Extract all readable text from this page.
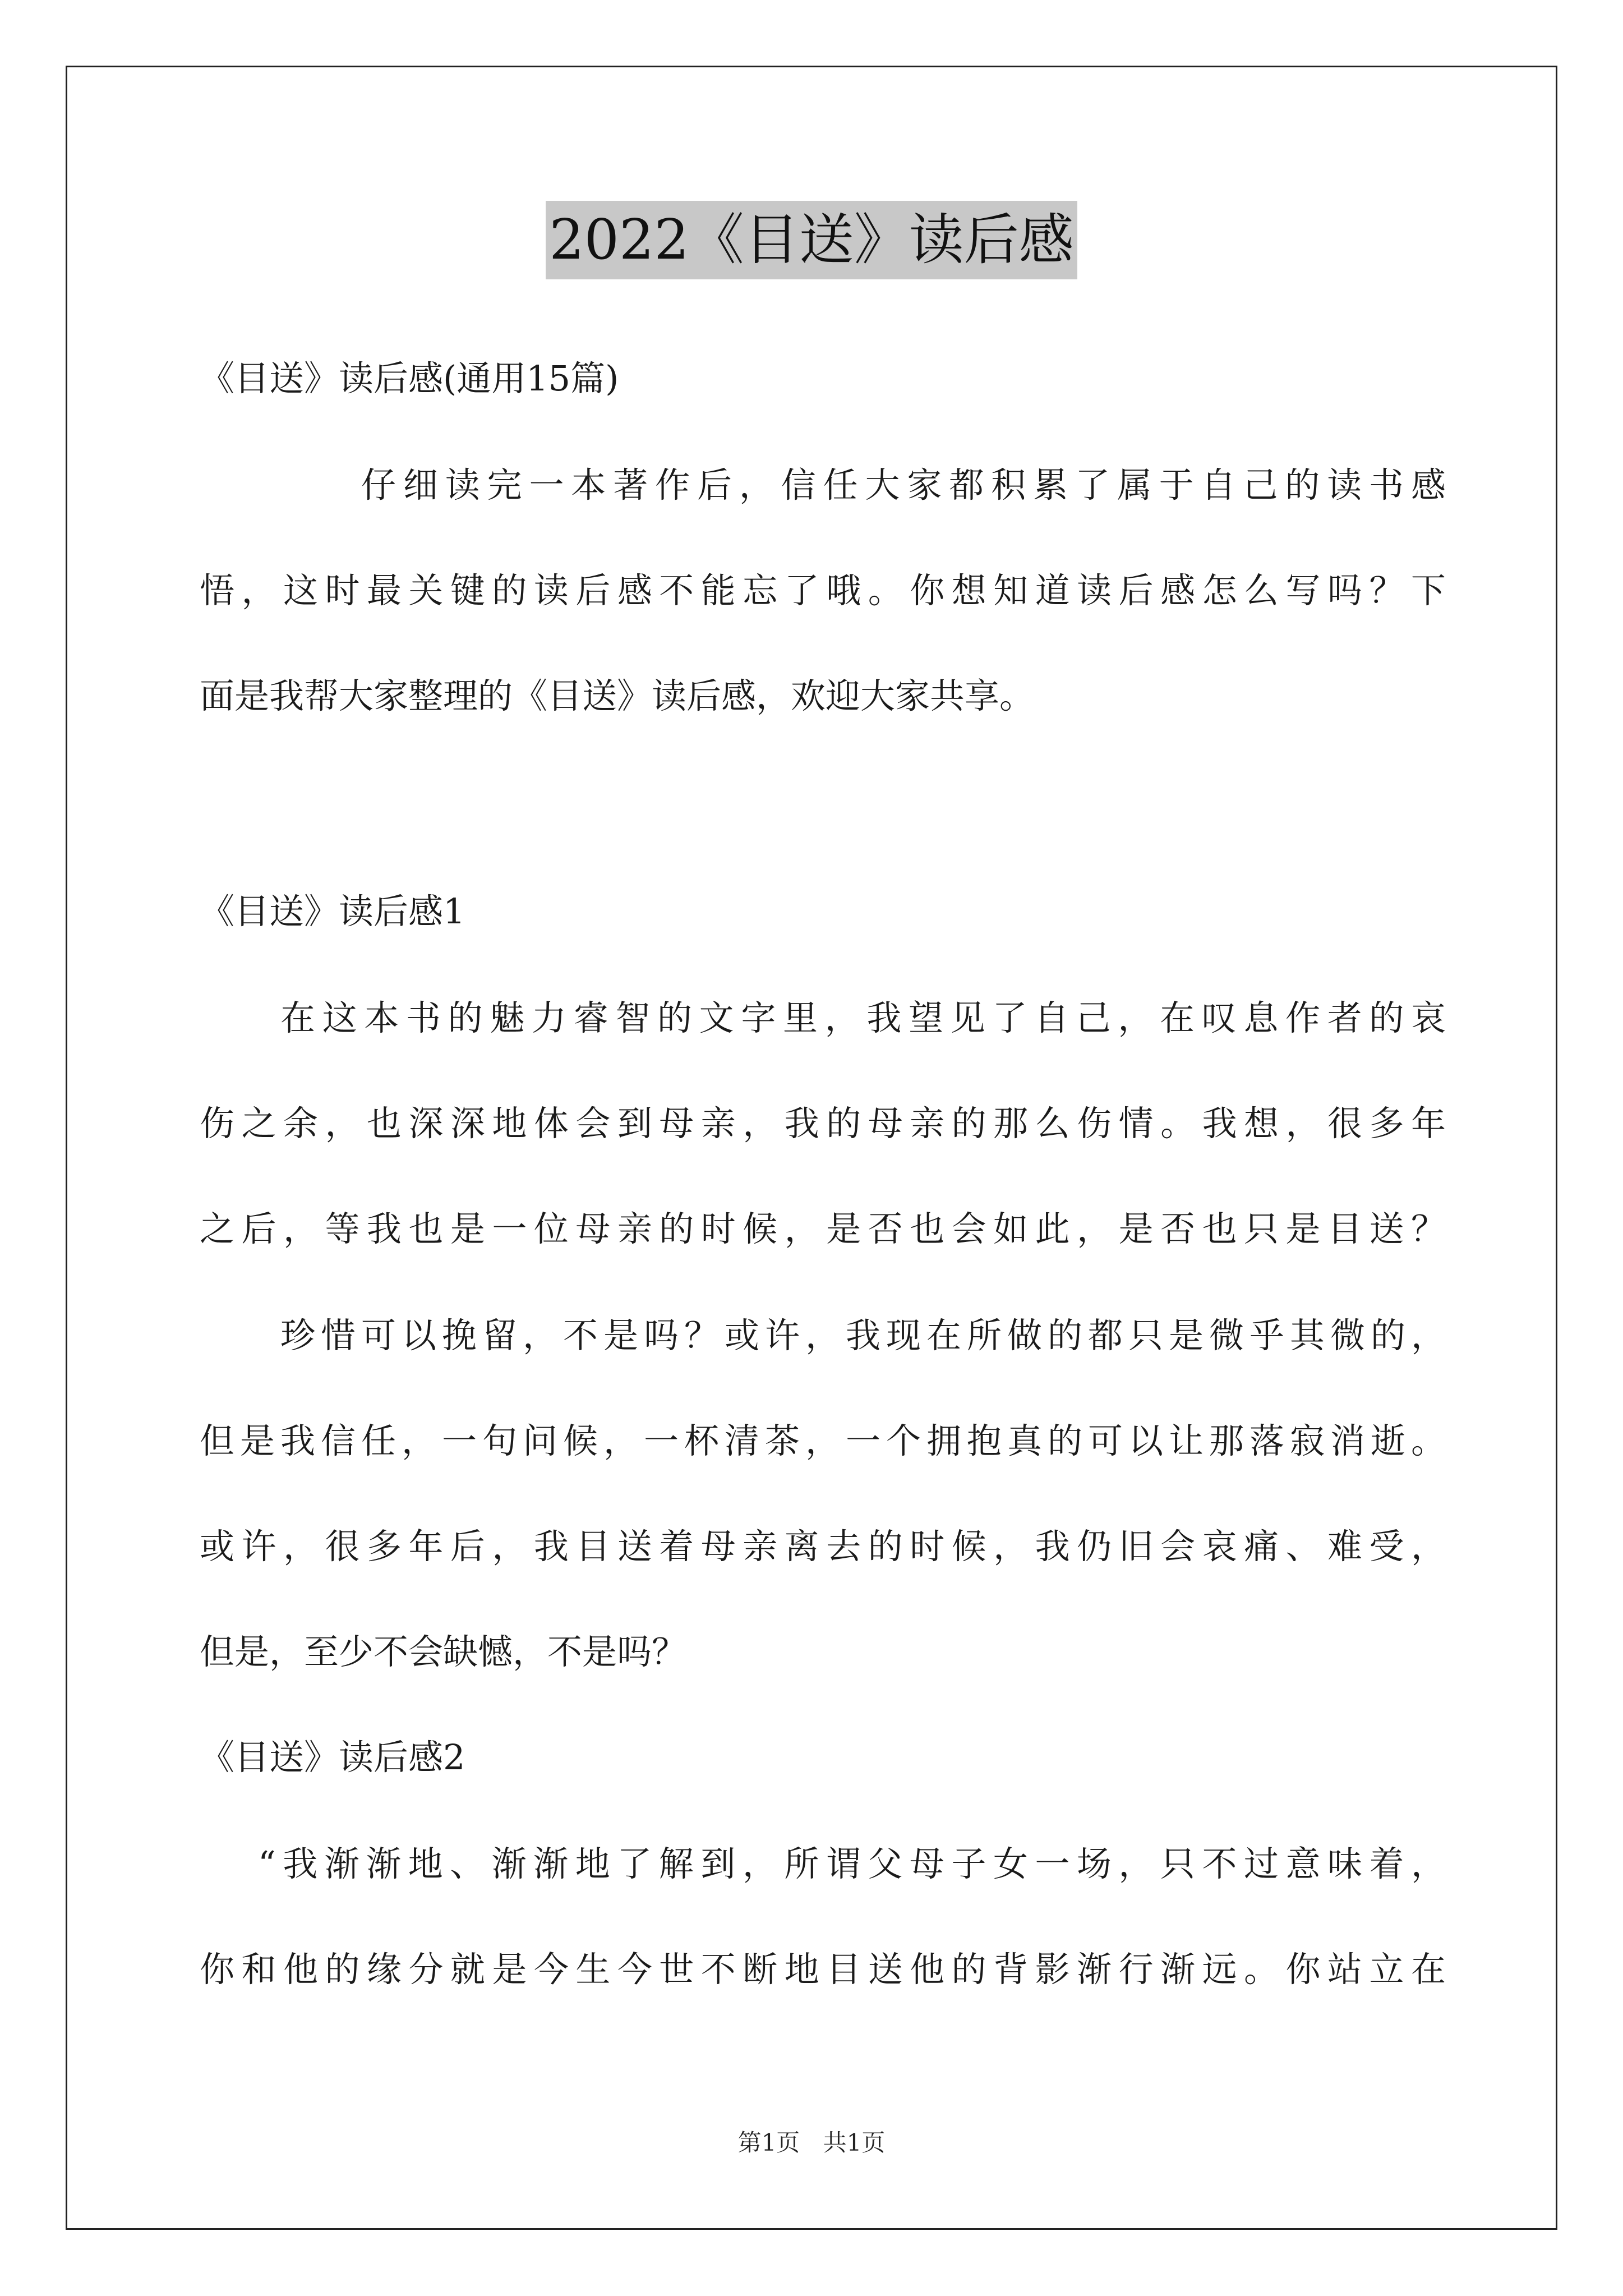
2022《目送》读后感
《目送》读后感(通用15篇)
仔细读完一本著作后，信任大家都积累了属于自己的读书感
悟，这时最关键的读后感不能忘了哦。你想知道读后感怎么写吗？下
面是我帮大家整理的《目送》读后感，欢迎大家共享。
《目送》读后感1
在这本书的魅力睿智的文字里，我望见了自己，在叹息作者的哀
伤之余，也深深地体会到母亲，我的母亲的那么伤情。我想，很多年
之后，等我也是一位母亲的时候，是否也会如此，是否也只是目送？
珍惜可以挽留，不是吗？或许，我现在所做的都只是微乎其微的，
但是我信任，一句问候，一杯清茶，一个拥抱真的可以让那落寂消逝。
或许，很多年后，我目送着母亲离去的时候，我仍旧会哀痛、难受，
但是，至少不会缺憾，不是吗？
《目送》读后感2
“我渐渐地、渐渐地了解到，所谓父母子女一场，只不过意味着，
你和他的缘分就是今生今世不断地目送他的背影渐行渐远。你站立在
第1页 共1页
